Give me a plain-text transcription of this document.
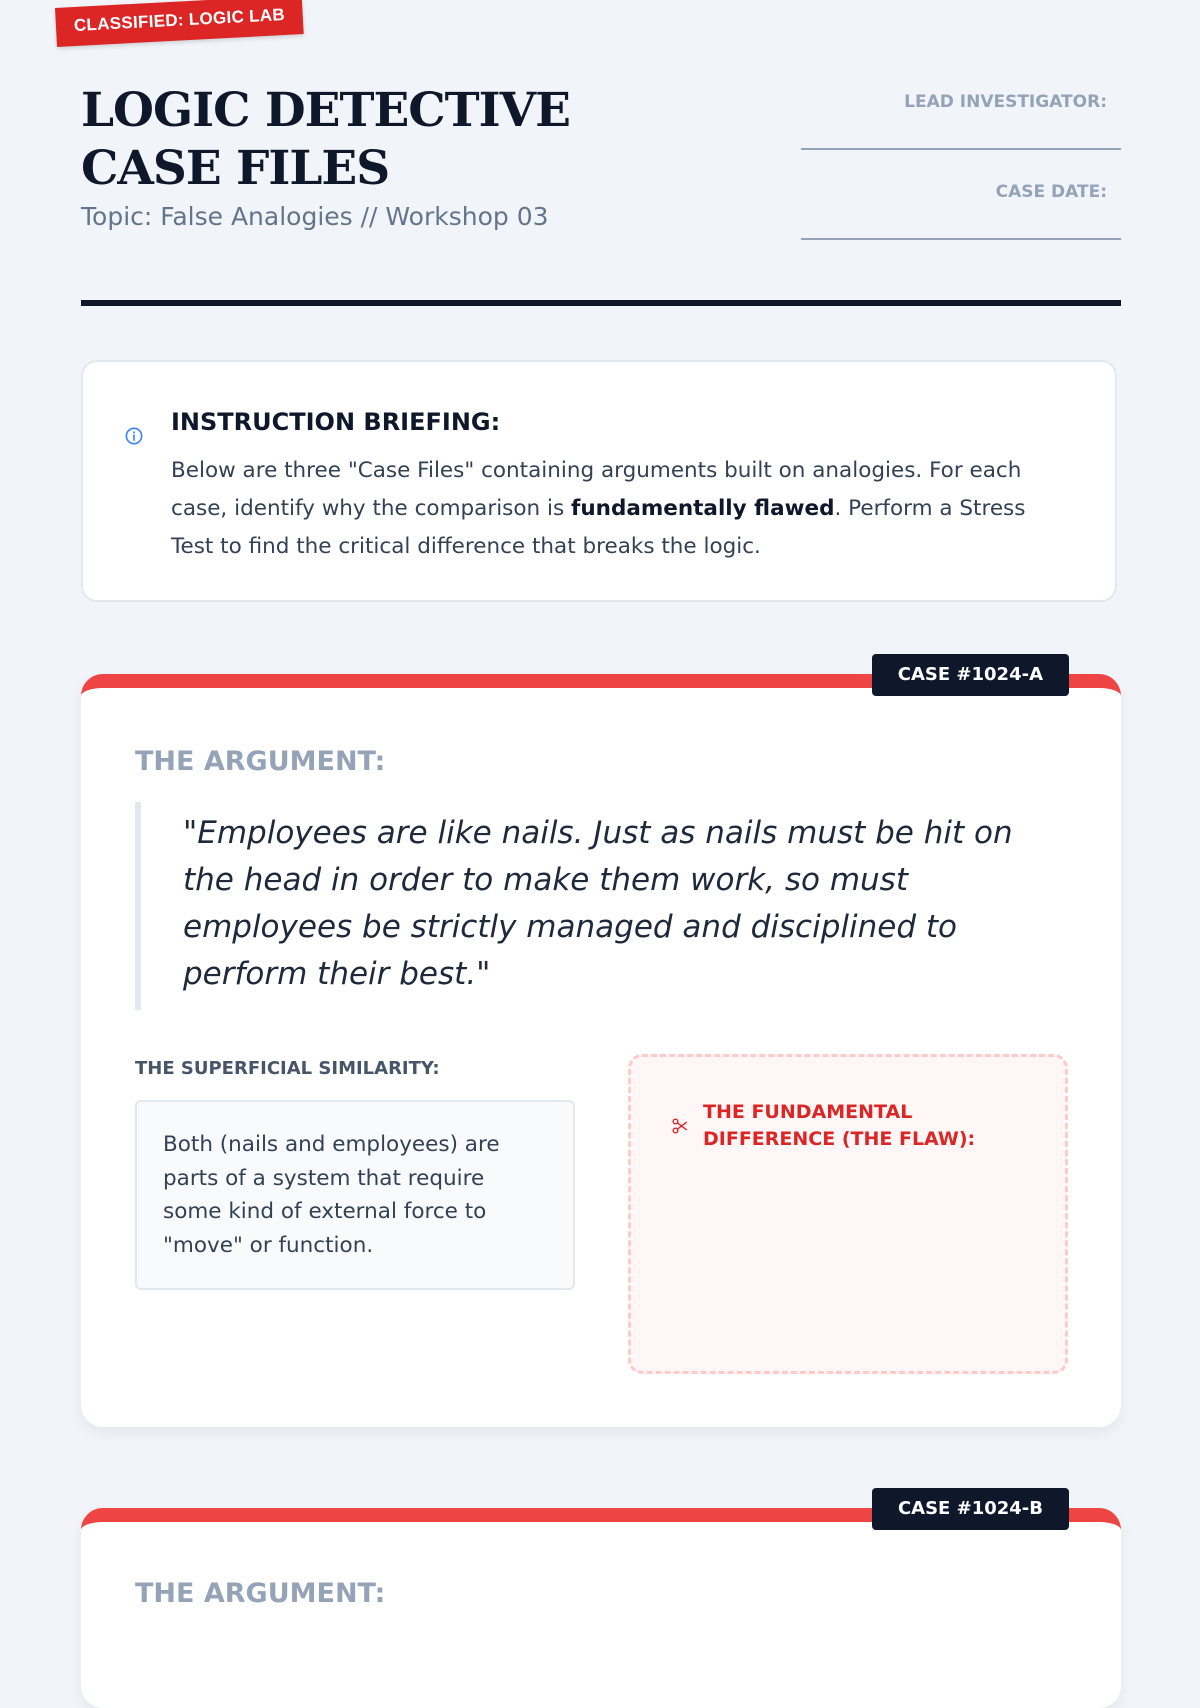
CLASSIFIED: LOGIC LAB
LOGIC DETECTIVE CASE FILES
Topic: False Analogies // Workshop 03
LEAD INVESTIGATOR:
CASE DATE:
INSTRUCTION BRIEFING:
Below are three "Case Files" containing arguments built on analogies. For each case, identify why the comparison is fundamentally flawed. Perform a Stress Test to find the critical difference that breaks the logic.
CASE #1024-A
THE ARGUMENT:
"Employees are like nails. Just as nails must be hit on the head in order to make them work, so must employees be strictly managed and disciplined to perform their best."
THE SUPERFICIAL SIMILARITY:
Both (nails and employees) are parts of a system that require some kind of external force to "move" or function.
THE FUNDAMENTAL DIFFERENCE (THE FLAW):
CASE #1024-B
THE ARGUMENT:
